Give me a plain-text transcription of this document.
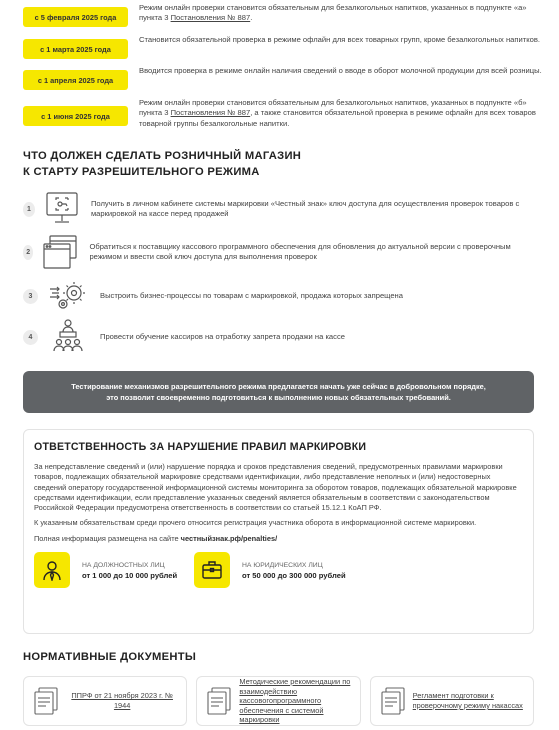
с 5 февраля 2025 года
Режим онлайн проверки становится обязательным для безалкогольных напитков, указанных в подпункте «а» пункта 3 Постановления № 887.
с 1 марта 2025 года
Становится обязательной проверка в режиме офлайн для всех товарных групп, кроме безалкогольных напитков.
с 1 апреля 2025 года
Вводится проверка в режиме онлайн наличия сведений о вводе в оборот молочной продукции для всей розницы.
с 1 июня 2025 года
Режим онлайн проверки становится обязательным для безалкогольных напитков, указанных в подпункте «б» пункта 3 Постановления № 887, а также становится обязательной проверка в режиме офлайн для всех товаров товарной группы безалкогольные напитки.
ЧТО ДОЛЖЕН СДЕЛАТЬ РОЗНИЧНЫЙ МАГАЗИН
К СТАРТУ РАЗРЕШИТЕЛЬНОГО РЕЖИМА
1
Получить в личном кабинете системы маркировки «Честный знак» ключ доступа для осуществления проверок товаров с маркировкой на кассе перед продажей
2
Обратиться к поставщику кассового программного обеспечения для обновления до актуальной версии с проверочным режимом и ввести свой ключ доступа для выполнения проверок
3	Выстроить бизнес-процессы по товарам с маркировкой, продажа которых запрещена
4	Провести обучение кассиров на отработку запрета продажи на кассе
Тестирование механизмов разрешительного режима предлагается начать уже сейчас в добровольном порядке,
это позволит своевременно подготовиться к выполнению новых обязательных требований.
ОТВЕТСТВЕННОСТЬ ЗА НАРУШЕНИЕ ПРАВИЛ МАРКИРОВКИ

За непредставление сведений и (или) нарушение порядка и сроков представления сведений, предусмотренных правилами маркировки товаров, подлежащих обязательной маркировке средствами идентификации, либо представление неполных и (или) недостоверных сведений оператору государственной информационной системы мониторинга за оборотом товаров, подлежащих обязательной маркировке средствами идентификации, если представление указанных сведений является обязательным в соответствии с законодательством Российской Федерации предусмотрена ответственность в соответствии со статьей 15.12.1 КоАП РФ.

К указанным обязательствам среди прочего относится регистрация участника оборота в информационной системе маркировки.

Полная информация размещена на сайте честныйзнак.рф/penalties/

НА ДОЛЖНОСТНЫХ ЛИЦ
от 1 000 до 10 000 рублей
НА ЮРИДИЧЕСКИХ ЛИЦ
от 50 000 до 300 000 рублей
НОРМАТИВНЫЕ ДОКУМЕНТЫ
ППРФ от 21 ноября 2023 г. № 1944
Методические рекомендации по взаимодействию кассовогопрограммного обеспечения с системой маркировки
Регламент подготовки к проверочному режиму накассах
